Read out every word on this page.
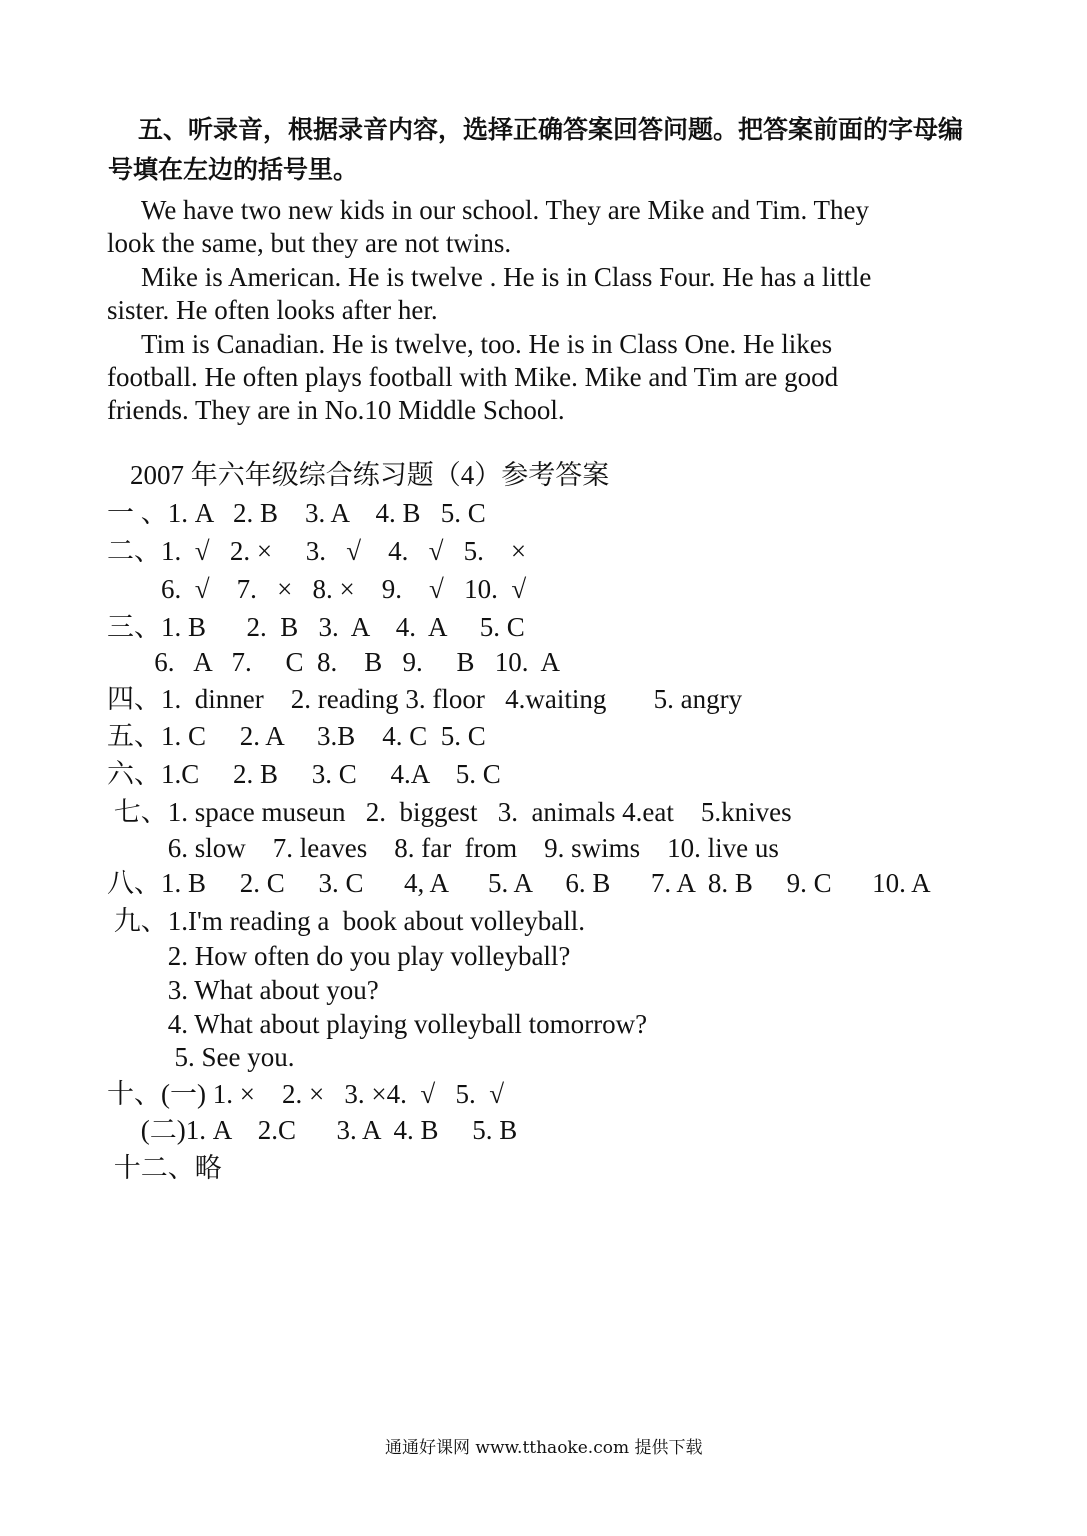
五、听录音，根据录音内容，选择正确答案回答问题。把答案前面的字母编
号填在左边的括号里。
We have two new kids in our school. They are Mike and Tim. They
look the same, but they are not twins.
Mike is American. He is twelve . He is in Class Four. He has a little
sister. He often looks after her.
Tim is Canadian. He is twelve, too. He is in Class One. He likes
football. He often plays football with Mike. Mike and Tim are good
friends. They are in No.10 Middle School.
2007 年六年级综合练习题（4）参考答案
一 、1. A   2. B    3. A    4. B   5. C
二、1.  √   2. ×     3.   √    4.   √   5.    ×
6.  √    7.   ×   8. ×    9.    √   10.  √
三、1. B      2.  B   3.  A    4.  A     5. C
6.   A   7.     C  8.    B   9.     B   10.  A
四、1.  dinner    2. reading 3. floor   4.waiting       5. angry
五、1. C     2. A     3.B    4. C  5. C
六、1.C     2. B     3. C     4.A    5. C
七、1. space museun   2.  biggest   3.  animals 4.eat    5.knives
6. slow    7. leaves    8. far  from    9. swims    10. live us
八、1. B     2. C     3. C      4, A      5. A     6. B      7. A  8. B     9. C      10. A
九、1.I'm reading a  book about volleyball.
2. How often do you play volleyball?
3. What about you?
4. What about playing volleyball tomorrow?
5. See you.
十、(一) 1. ×    2. ×   3. ×4.  √   5.  √
(二)1. A    2.C      3. A  4. B     5. B
十二、略
通通好课网 www.tthaoke.com 提供下载
